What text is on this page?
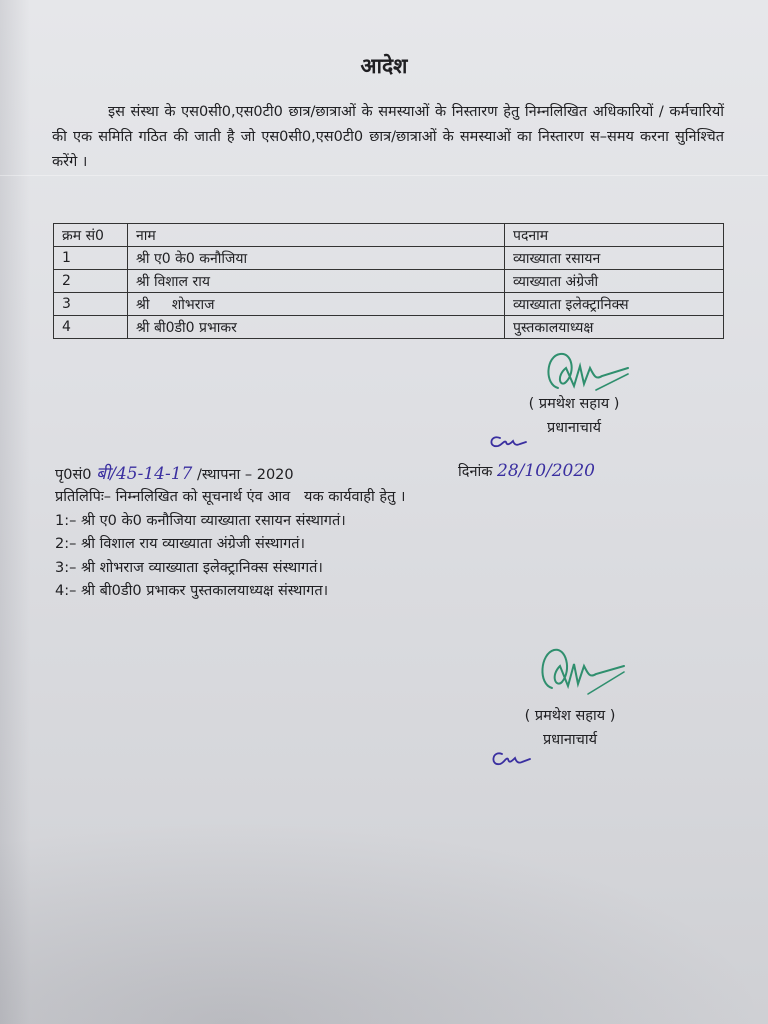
आदेश
इस संस्था के एस0सी0,एस0टी0 छात्र/छात्राओं के समस्याओं के निस्तारण हेतु निम्नलिखित अधिकारियों / कर्मचारियों की एक समिति गठित की जाती है जो एस0सी0,एस0टी0 छात्र/छात्राओं के समस्याओं का निस्तारण स–समय करना सुनिश्चित करेंगे ।
क्रम सं0	नाम	पदनाम
1	श्री ए0 के0 कनौजिया	व्याख्याता रसायन
2	श्री विशाल राय	व्याख्याता अंग्रेजी
3	श्री     शोभराज	व्याख्याता इलेक्ट्रानिक्स
4	श्री बी0डी0 प्रभाकर	पुस्तकालयाध्यक्ष
( प्रमथेश सहाय )
प्रधानाचार्य
पृ0सं0 बी/45-14-17 /स्थापना – 2020	दिनांक 28/10/2020
प्रतिलिपिः– निम्नलिखित को सूचनार्थ एंव आव   यक कार्यवाही हेतु ।
1:– श्री ए0 के0 कनौजिया व्याख्याता रसायन संस्थागतं।
2:– श्री विशाल राय व्याख्याता अंग्रेजी संस्थागतं।
3:– श्री शोभराज व्याख्याता इलेक्ट्रानिक्स संस्थागतं।
4:– श्री बी0डी0 प्रभाकर पुस्तकालयाध्यक्ष संस्थागत।
( प्रमथेश सहाय )
प्रधानाचार्य
